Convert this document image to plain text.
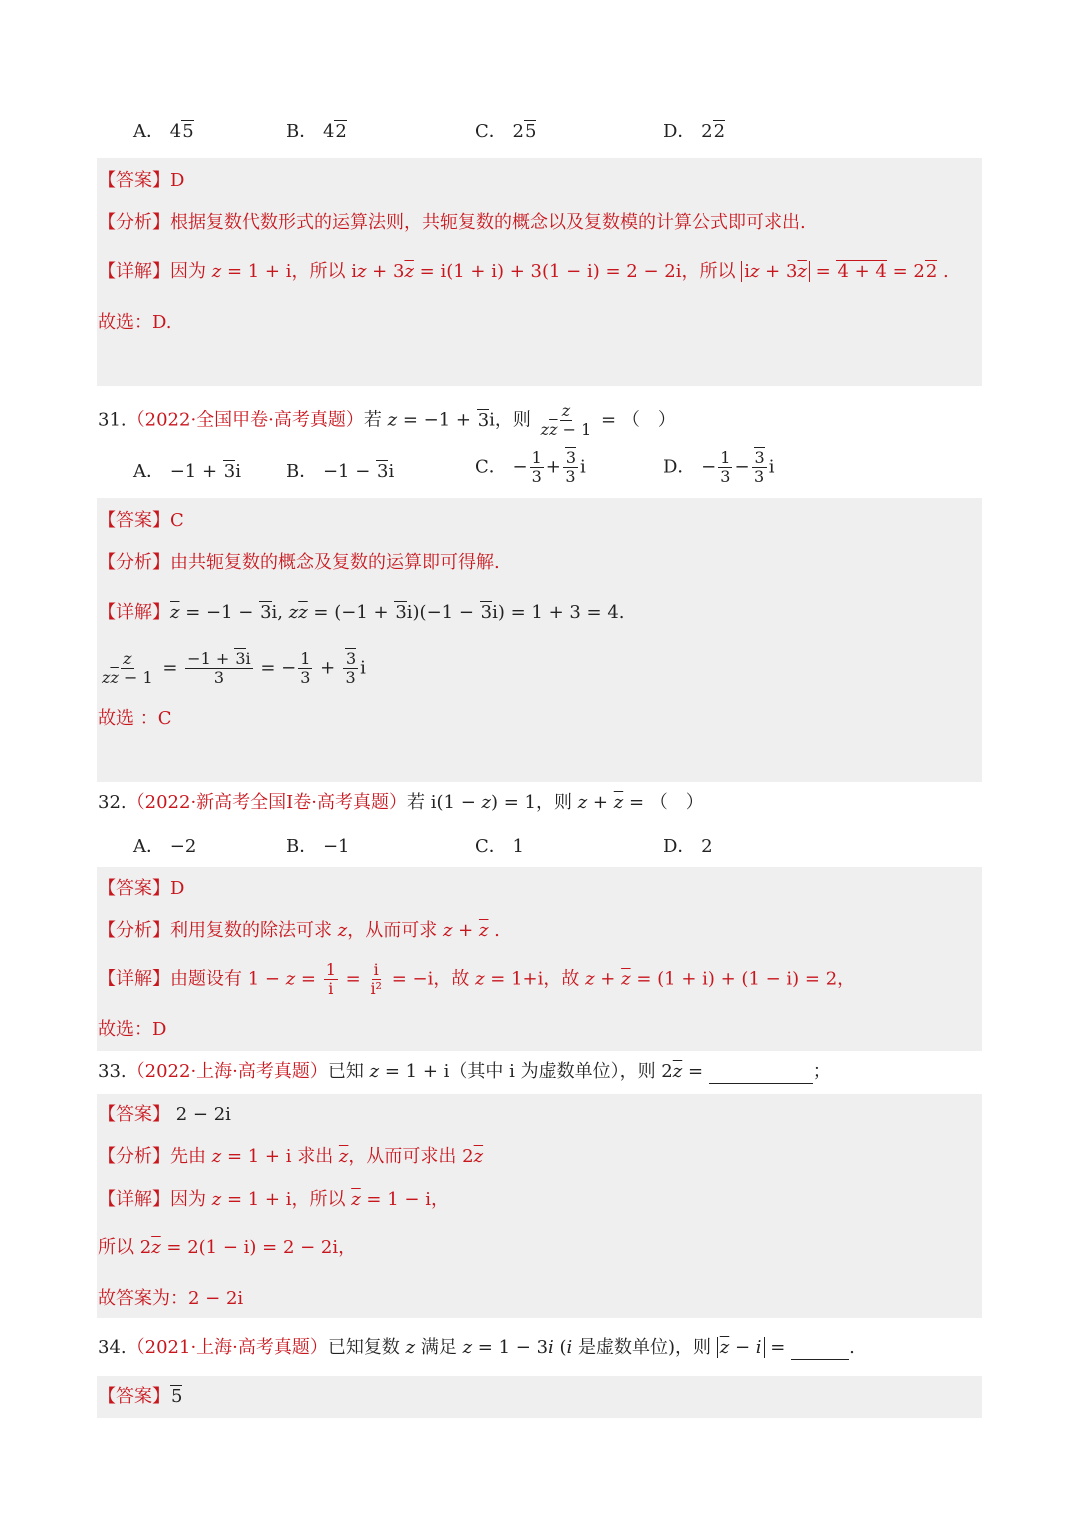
A． 45	B． 42	C． 25	D． 22
【答案】D
【分析】根据复数代数形式的运算法则，共轭复数的概念以及复数模的计算公式即可求出.
【详解】因为 z = 1 + i，所以 iz + $3\overline{z} = i(1 + i) + 3(1 - i) = 2 - 2i$，所以 iz + $3\overline{z} = 4 + 4 = 22$ .
故选：D.
31.（2022·全国甲卷·高考真题）若 z = −1 + 3i，则 $\frac{z}{z\overline{z} - 1}$ = （　）
A． −1 + 3i	B． −1 − 3i	C． − $\frac{1}{3} + \frac{3}{3}$ i	D． − $\frac{1}{3} - \frac{3}{3}$ i
【答案】C
【分析】由共轭复数的概念及复数的运算即可得解.
【详解】$\overline{z} = -1 - 3i$, $z\overline{z} = (-1 + 3i)(-1 - 3i) = 1 + 3 = 4$.
$\frac{z}{z\overline{z} - 1} = \frac{-1 + 3i}{3}$ = − $\frac{1}{3} + \frac{3}{3}$ i
故选 ：C
32.（2022·新高考全国Ⅰ卷·高考真题）若 i(1 − z) = 1，则 $z + \overline{z}$ = （　）
A． −2	B． −1	C． 1	D． 2
【答案】D
【分析】利用复数的除法可求 z，从而可求 $z + \overline{z}$ .
【详解】由题设有 $1 - z = \frac{1}{i} = \frac{i}{\text{i²}} = -i$，故 z = 1+i，故 $z + \overline{z} = (1 + i) + (1 - i) = 2$，
故选：D
33.（2022·上海·高考真题）已知 z = 1 + i（其中 i 为虚数单位），则 $2\overline{z}$ =	；
【答案】 2 − 2i
【分析】先由 z = 1 + i 求出 $\overline{z}$，从而可求出 $2\overline{z}$
【详解】因为 z = 1 + i，所以 $\overline{z} = 1 - i$，
所以 $2\overline{z} = 2(1 - i) = 2 - 2i$，
故答案为：2 − 2i
34.（2021·上海·高考真题）已知复数 z 满足 z = 1 − 3i (i 是虚数单位)，则 $\overline{z} - i$ =	.
【答案】5
